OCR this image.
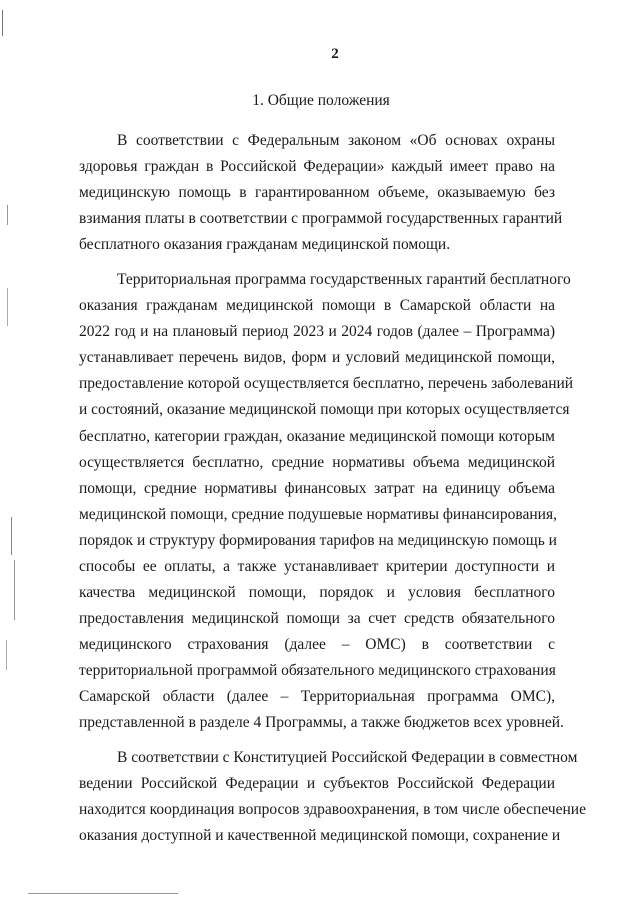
2
1. Общие положения
В соответствии с Федеральным законом «Об основах охраны
здоровья граждан в Российской Федерации» каждый имеет право на
медицинскую помощь в гарантированном объеме, оказываемую без
взимания платы в соответствии с программой государственных гарантий
бесплатного оказания гражданам медицинской помощи.
Территориальная программа государственных гарантий бесплатного
оказания гражданам медицинской помощи в Самарской области на
2022 год и на плановый период 2023 и 2024 годов (далее – Программа)
устанавливает перечень видов, форм и условий медицинской помощи,
предоставление которой осуществляется бесплатно, перечень заболеваний
и состояний, оказание медицинской помощи при которых осуществляется
бесплатно, категории граждан, оказание медицинской помощи которым
осуществляется бесплатно, средние нормативы объема медицинской
помощи, средние нормативы финансовых затрат на единицу объема
медицинской помощи, средние подушевые нормативы финансирования,
порядок и структуру формирования тарифов на медицинскую помощь и
способы ее оплаты, а также устанавливает критерии доступности и
качества медицинской помощи, порядок и условия бесплатного
предоставления медицинской помощи за счет средств обязательного
медицинского страхования (далее – ОМС) в соответствии с
территориальной программой обязательного медицинского страхования
Самарской области (далее – Территориальная программа ОМС),
представленной в разделе 4 Программы, а также бюджетов всех уровней.
В соответствии с Конституцией Российской Федерации в совместном
ведении Российской Федерации и субъектов Российской Федерации
находится координация вопросов здравоохранения, в том числе обеспечение
оказания доступной и качественной медицинской помощи, сохранение и
